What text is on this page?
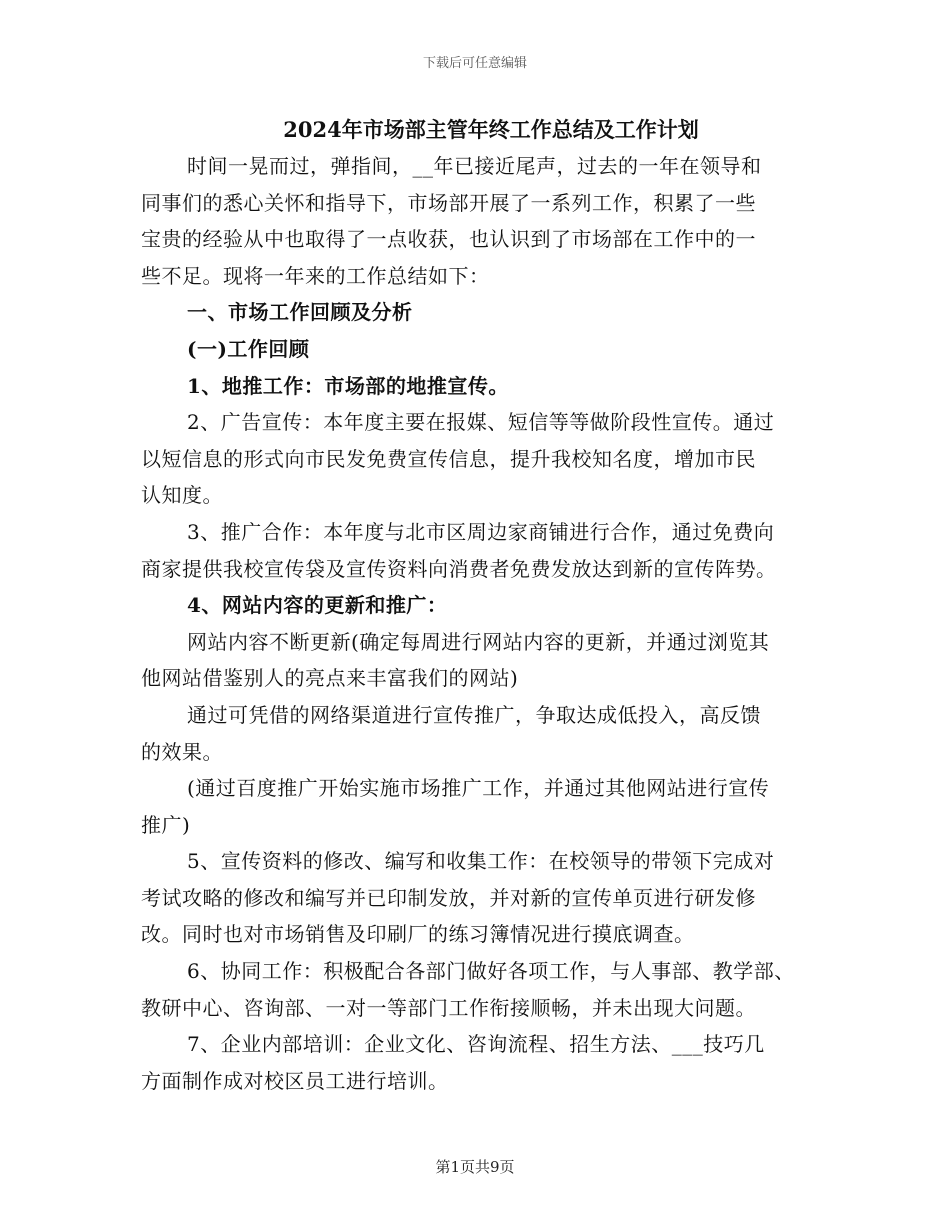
下载后可任意编辑
2024年市场部主管年终工作总结及工作计划
时间一晃而过，弹指间，__年已接近尾声，过去的一年在领导和
同事们的悉心关怀和指导下，市场部开展了一系列工作，积累了一些
宝贵的经验从中也取得了一点收获，也认识到了市场部在工作中的一
些不足。现将一年来的工作总结如下：
一、市场工作回顾及分析
(一)工作回顾
1、地推工作：市场部的地推宣传。
2、广告宣传：本年度主要在报媒、短信等等做阶段性宣传。通过
以短信息的形式向市民发免费宣传信息，提升我校知名度，增加市民
认知度。
3、推广合作：本年度与北市区周边家商铺进行合作，通过免费向
商家提供我校宣传袋及宣传资料向消费者免费发放达到新的宣传阵势。
4、网站内容的更新和推广：
网站内容不断更新(确定每周进行网站内容的更新，并通过浏览其
他网站借鉴别人的亮点来丰富我们的网站)
通过可凭借的网络渠道进行宣传推广，争取达成低投入，高反馈
的效果。
(通过百度推广开始实施市场推广工作，并通过其他网站进行宣传
推广)
5、宣传资料的修改、编写和收集工作：在校领导的带领下完成对
考试攻略的修改和编写并已印制发放，并对新的宣传单页进行研发修
改。同时也对市场销售及印刷厂的练习簿情况进行摸底调查。
6、协同工作：积极配合各部门做好各项工作，与人事部、教学部、
教研中心、咨询部、一对一等部门工作衔接顺畅，并未出现大问题。
7、企业内部培训：企业文化、咨询流程、招生方法、___技巧几
方面制作成对校区员工进行培训。
第1页共9页
